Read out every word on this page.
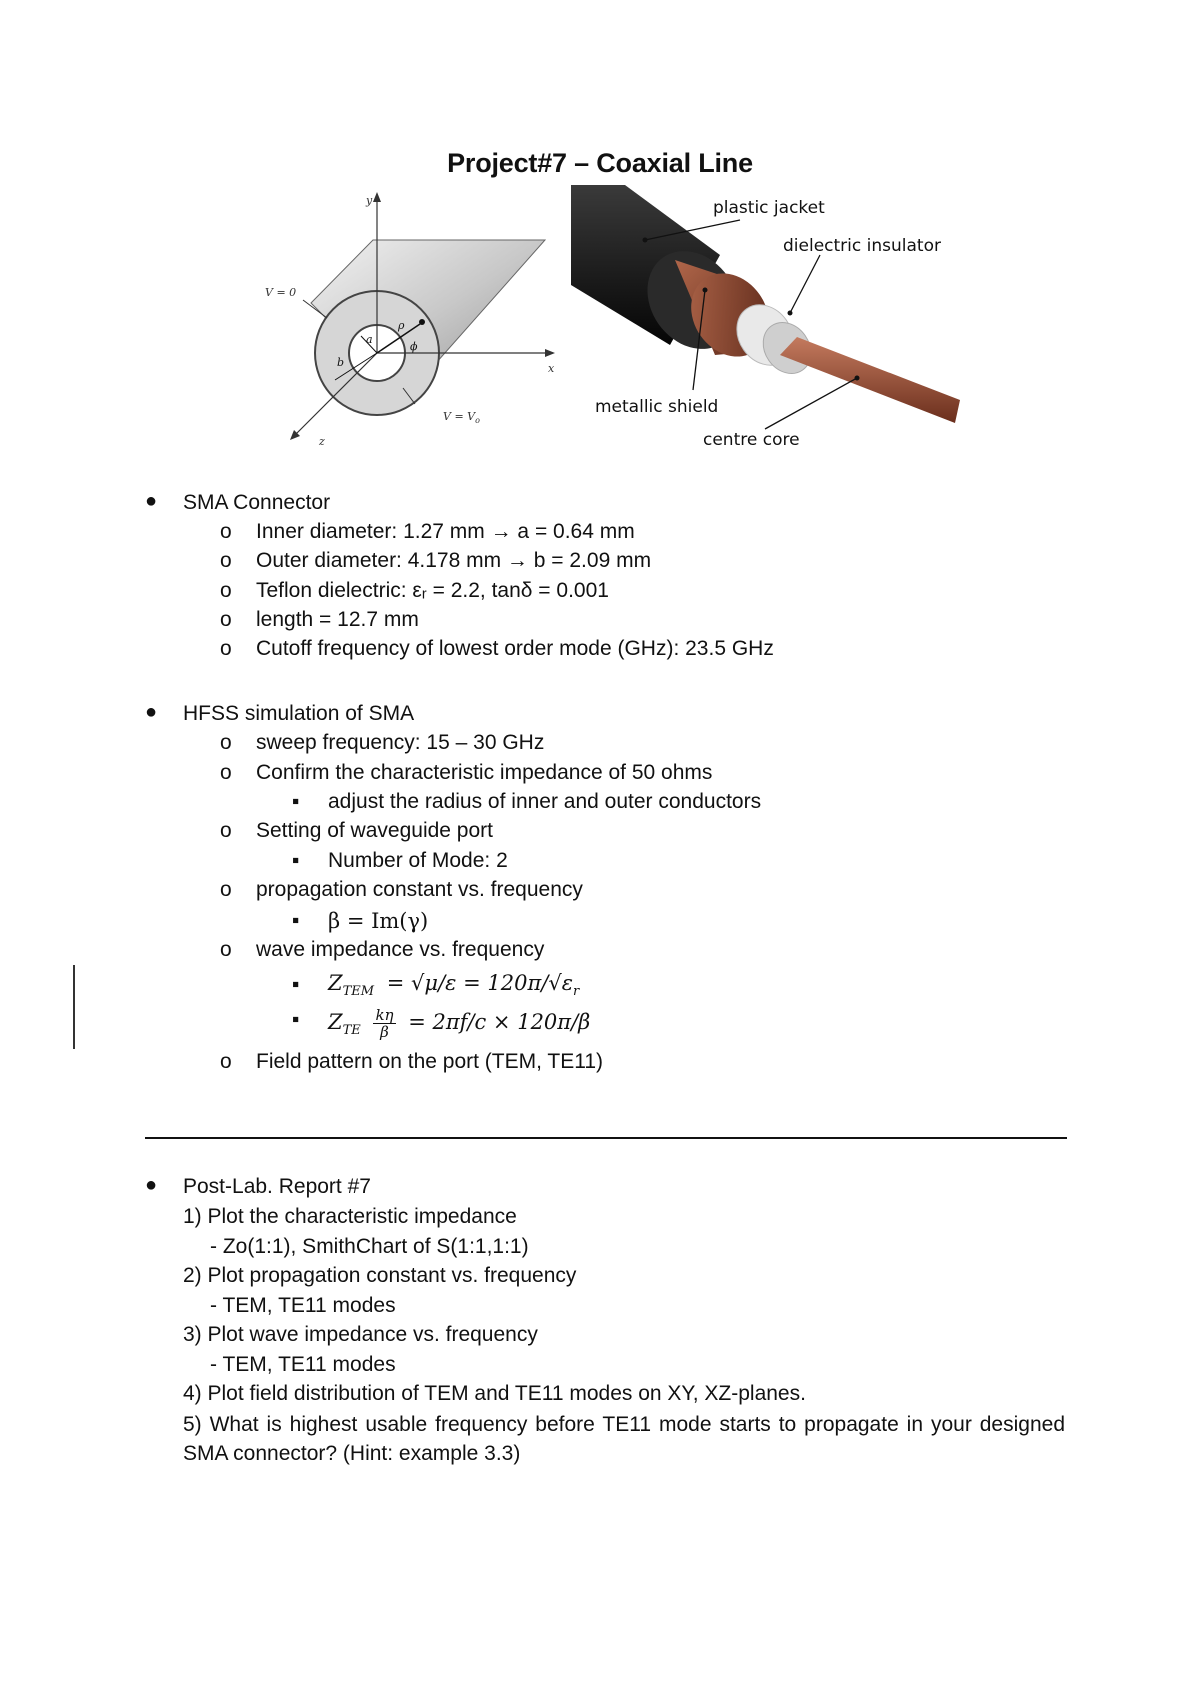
Project#7 – Coaxial Line
y
x
z
V = 0
$V = V_o$
a
b
ρ
ϕ
plastic jacket
dielectric insulator
metallic shield
centre core
● SMA Connector
o Inner diameter: 1.27 mm → a = 0.64 mm
o Outer diameter: 4.178 mm → b = 2.09 mm
o Teflon dielectric: εᵣ = 2.2, tanδ = 0.001
o length = 12.7 mm
o Cutoff frequency of lowest order mode (GHz): 23.5 GHz
● HFSS simulation of SMA
o sweep frequency: 15 – 30 GHz
o Confirm the characteristic impedance of 50 ohms
▪ adjust the radius of inner and outer conductors
o Setting of waveguide port
▪ Number of Mode: 2
o propagation constant vs. frequency
▪ β = Im(γ)
o wave impedance vs. frequency
▪ $Z_{TEM} = √\mu/\varepsilon = 120\pi/√\varepsilon_r$
▪ $Z_{TE} \frac{k\eta}{\beta} = 2\pi f/c \times 120\pi/\beta$
o Field pattern on the port (TEM, TE11)
● Post-Lab. Report #7
1) Plot the characteristic impedance
- Zo(1:1), SmithChart of S(1:1,1:1)
2) Plot propagation constant vs. frequency
- TEM, TE11 modes
3) Plot wave impedance vs. frequency
- TEM, TE11 modes
4) Plot field distribution of TEM and TE11 modes on XY, XZ-planes.
5) What is highest usable frequency before TE11 mode starts to propagate in your designed SMA connector? (Hint: example 3.3)
